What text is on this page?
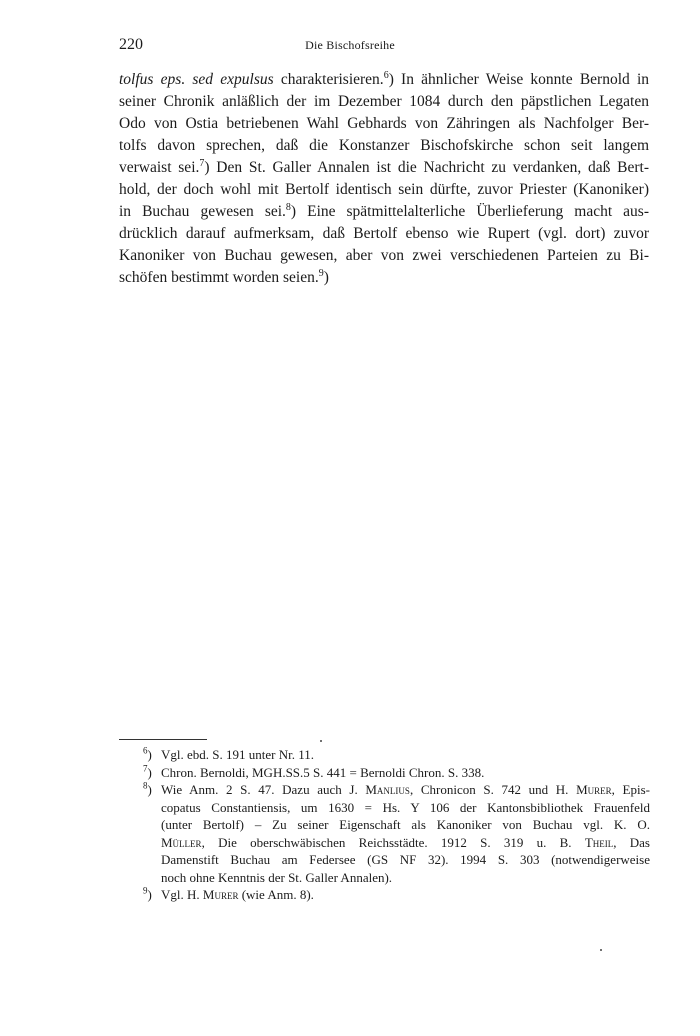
220	Die Bischofsreihe
tolfus eps. sed expulsus charakterisieren.$^6$) In ähnlicher Weise konnte Bernold in
seiner Chronik anläßlich der im Dezember 1084 durch den päpstlichen Legaten
Odo von Ostia betriebenen Wahl Gebhards von Zähringen als Nachfolger Ber-
tolfs davon sprechen, daß die Konstanzer Bischofskirche schon seit langem
verwaist sei.$^7$) Den St. Galler Annalen ist die Nachricht zu verdanken, daß Bert-
hold, der doch wohl mit Bertolf identisch sein dürfte, zuvor Priester (Kanoniker)
in Buchau gewesen sei.$^8$) Eine spätmittelalterliche Überlieferung macht aus-
drücklich darauf aufmerksam, daß Bertolf ebenso wie Rupert (vgl. dort) zuvor
Kanoniker von Buchau gewesen, aber von zwei verschiedenen Parteien zu Bi-
schöfen bestimmt worden seien.$^9$)
$^6$) Vgl. ebd. S. 191 unter Nr. 11.
$^7$) Chron. Bernoldi, MGH.SS.5 S. 441 = Bernoldi Chron. S. 338.
$^8$) Wie Anm. 2 S. 47. Dazu auch J. Manlius, Chronicon S. 742 und H. Murer, Epis-
copatus Constantiensis, um 1630 = Hs. Y 106 der Kantonsbibliothek Frauenfeld
(unter Bertolf) – Zu seiner Eigenschaft als Kanoniker von Buchau vgl. K. O.
Müller, Die oberschwäbischen Reichsstädte. 1912 S. 319 u. B. Theil, Das
Damenstift Buchau am Federsee (GS NF 32). 1994 S. 303 (notwendigerweise
noch ohne Kenntnis der St. Galler Annalen).
$^9$) Vgl. H. Murer (wie Anm. 8).
